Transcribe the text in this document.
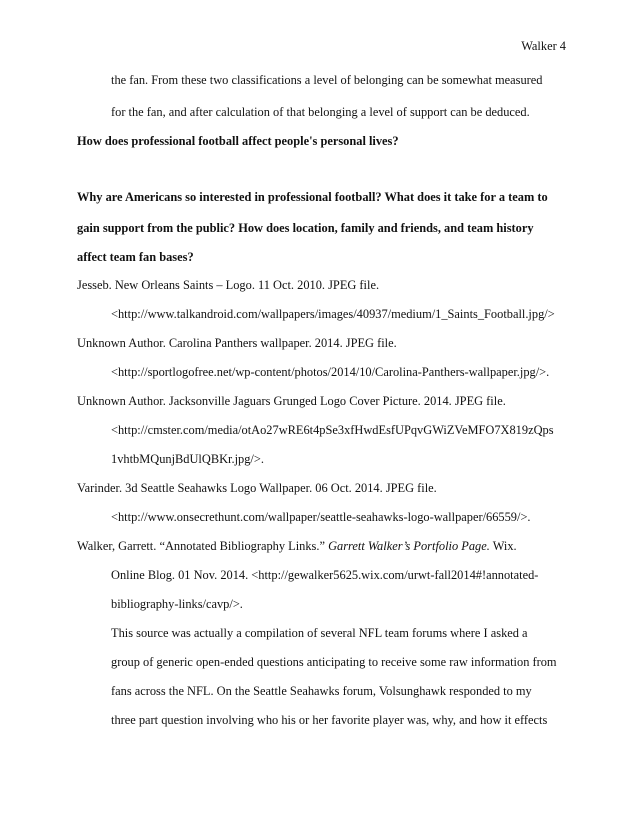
Walker 4
the fan. From these two classifications a level of belonging can be somewhat measured
for the fan, and after calculation of that belonging a level of support can be deduced.
How does professional football affect people's personal lives?
Why are Americans so interested in professional football? What does it take for a team to
gain support from the public? How does location, family and friends, and team history
affect team fan bases?
Jesseb. New Orleans Saints – Logo. 11 Oct. 2010. JPEG file.
<http://www.talkandroid.com/wallpapers/images/40937/medium/1_Saints_Football.jpg/>
Unknown Author. Carolina Panthers wallpaper. 2014. JPEG file.
<http://sportlogofree.net/wp-content/photos/2014/10/Carolina-Panthers-wallpaper.jpg/>.
Unknown Author. Jacksonville Jaguars Grunged Logo Cover Picture. 2014. JPEG file.
<http://cmster.com/media/otAo27wRE6t4pSe3xfHwdEsfUPqvGWiZVeMFO7X819zQps
1vhtbMQunjBdUlQBKr.jpg/>.
Varinder. 3d Seattle Seahawks Logo Wallpaper. 06 Oct. 2014. JPEG file.
<http://www.onsecrethunt.com/wallpaper/seattle-seahawks-logo-wallpaper/66559/>.
Walker, Garrett. “Annotated Bibliography Links.” Garrett Walker’s Portfolio Page. Wix.
Online Blog. 01 Nov. 2014. <http://gewalker5625.wix.com/urwt-fall2014#!annotated-
bibliography-links/cavp/>.
This source was actually a compilation of several NFL team forums where I asked a
group of generic open-ended questions anticipating to receive some raw information from
fans across the NFL. On the Seattle Seahawks forum, Volsunghawk responded to my
three part question involving who his or her favorite player was, why, and how it effects
